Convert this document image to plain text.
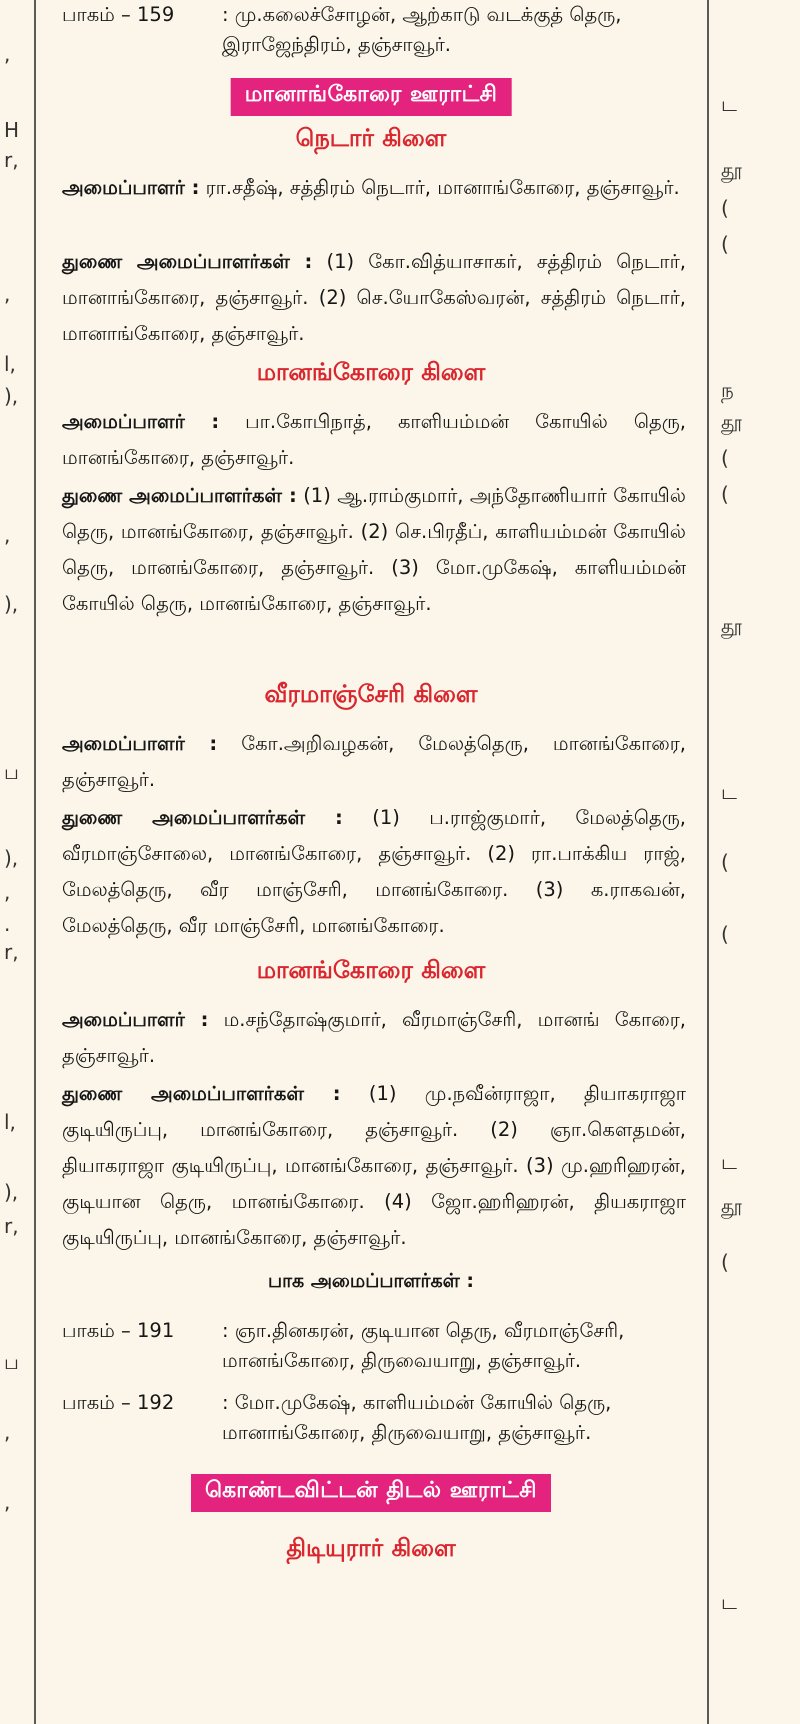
,
H
r,
,
l,
),
,
),
ப
),
,
.
r,
l,
),
r,
ப
,
,
ட
தூ
(
(
ந
தூ
(
(
தூ
ட
(
(
ட
தூ
(
ட
பாகம் – 159 : மு.கலைச்சோழன், ஆற்காடு வடக்குத் தெரு, இராஜேந்திரம், தஞ்சாவூர்.
மானாங்கோரை ஊராட்சி
நெடார் கிளை
அமைப்பாளர் : ரா.சதீஷ், சத்திரம் நெடார், மானாங்கோரை, தஞ்சாவூர்.
துணை அமைப்பாளர்கள் : (1) கோ.வித்யாசாகர், சத்திரம் நெடார், மானாங்கோரை, தஞ்சாவூர். (2) செ.யோகேஸ்வரன், சத்திரம் நெடார், மானாங்கோரை, தஞ்சாவூர்.
மானங்கோரை கிளை
அமைப்பாளர் : பா.கோபிநாத், காளியம்மன் கோயில் தெரு, மானங்கோரை, தஞ்சாவூர்.
துணை அமைப்பாளர்கள் : (1) ஆ.ராம்குமார், அந்தோணியார் கோயில் தெரு, மானங்கோரை, தஞ்சாவூர். (2) செ.பிரதீப், காளியம்மன் கோயில் தெரு, மானங்கோரை, தஞ்சாவூர். (3) மோ.முகேஷ், காளியம்மன் கோயில் தெரு, மானங்கோரை, தஞ்சாவூர்.
வீரமாஞ்சேரி கிளை
அமைப்பாளர் : கோ.அறிவழகன், மேலத்தெரு, மானங்கோரை, தஞ்சாவூர்.
துணை அமைப்பாளர்கள் : (1) ப.ராஜ்குமார், மேலத்தெரு, வீரமாஞ்சோலை, மானங்கோரை, தஞ்சாவூர். (2) ரா.பாக்கிய ராஜ், மேலத்தெரு, வீர மாஞ்சேரி, மானங்கோரை. (3) க.ராகவன், மேலத்தெரு, வீர மாஞ்சேரி, மானங்கோரை.
மானங்கோரை கிளை
அமைப்பாளர் : ம.சந்தோஷ்குமார், வீரமாஞ்சேரி, மானங் கோரை, தஞ்சாவூர்.
துணை அமைப்பாளர்கள் : (1) மு.நவீன்ராஜா, தியாகராஜா குடியிருப்பு, மானங்கோரை, தஞ்சாவூர். (2) ஞா.கௌதமன், தியாகராஜா குடியிருப்பு, மானங்கோரை, தஞ்சாவூர். (3) மு.ஹரிஹரன், குடியான தெரு, மானங்கோரை. (4) ஜோ.ஹரிஹரன், தியகராஜா குடியிருப்பு, மானங்கோரை, தஞ்சாவூர்.
பாக அமைப்பாளர்கள் :
பாகம் – 191 : ஞா.தினகரன், குடியான தெரு, வீரமாஞ்சேரி, மானங்கோரை, திருவையாறு, தஞ்சாவூர்.
பாகம் – 192 : மோ.முகேஷ், காளியம்மன் கோயில் தெரு, மானாங்கோரை, திருவையாறு, தஞ்சாவூர்.
கொண்டவிட்டன் திடல் ஊராட்சி
திடியுரார் கிளை
